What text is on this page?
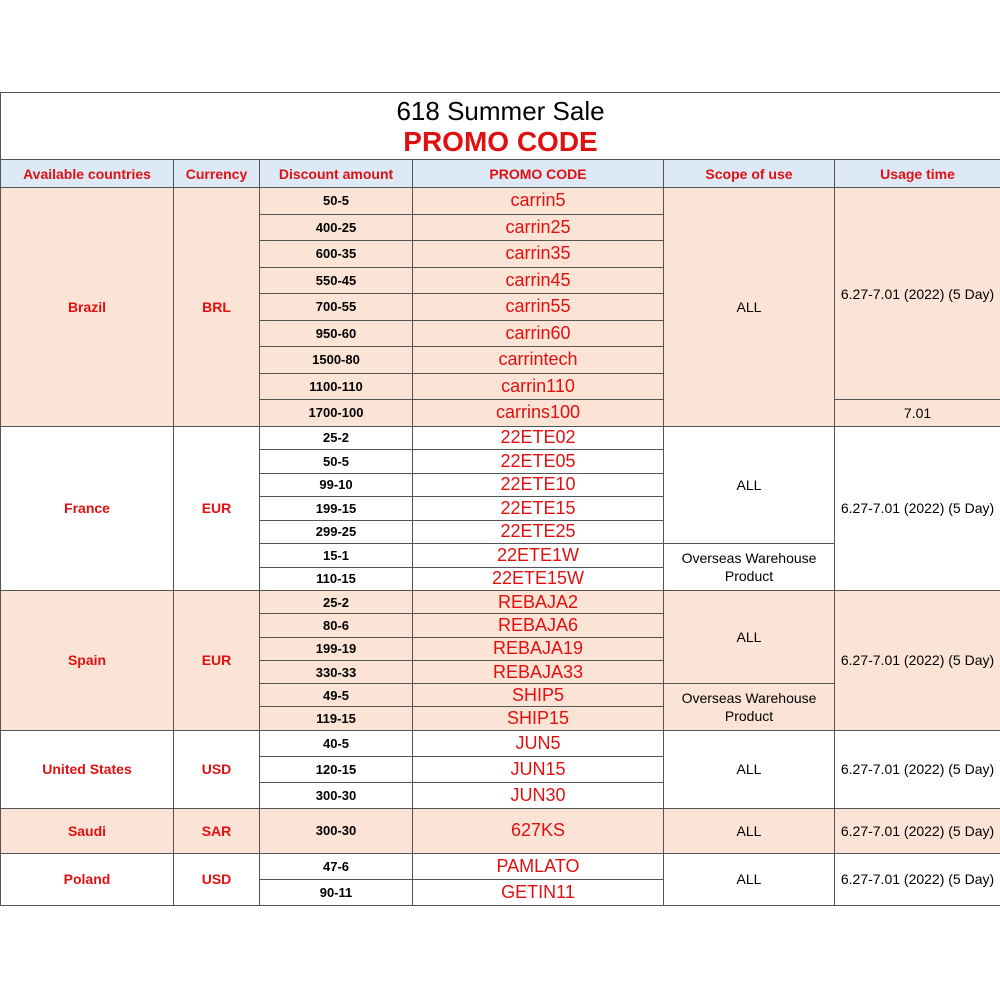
618 Summer Sale
PROMO CODE					

Available countries	Currency	Discount amount	PROMO CODE	Scope of use	Usage time
Brazil	BRL	50-5	carrin5	ALL	6.27-7.01 (2022) (5 Day)
		400-25	carrin25		
		600-35	carrin35		
		550-45	carrin45		
		700-55	carrin55		
		950-60	carrin60		
		1500-80	carrintech		
		1100-110	carrin110		
		1700-100	carrins100		7.01
France	EUR	25-2	22ETE02	ALL	6.27-7.01 (2022) (5 Day)
		50-5	22ETE05		
		99-10	22ETE10		
		199-15	22ETE15		
		299-25	22ETE25		
		15-1	22ETE1W	Overseas Warehouse Product	
		110-15	22ETE15W		
Spain	EUR	25-2	REBAJA2	ALL	6.27-7.01 (2022) (5 Day)
		80-6	REBAJA6		
		199-19	REBAJA19		
		330-33	REBAJA33		
		49-5	SHIP5	Overseas Warehouse Product	
		119-15	SHIP15		
United States	USD	40-5	JUN5	ALL	6.27-7.01 (2022) (5 Day)
		120-15	JUN15		
		300-30	JUN30		
Saudi	SAR	300-30	627KS	ALL	6.27-7.01 (2022) (5 Day)
Poland	USD	47-6	PAMLATO	ALL	6.27-7.01 (2022) (5 Day)
		90-11	GETIN11		
